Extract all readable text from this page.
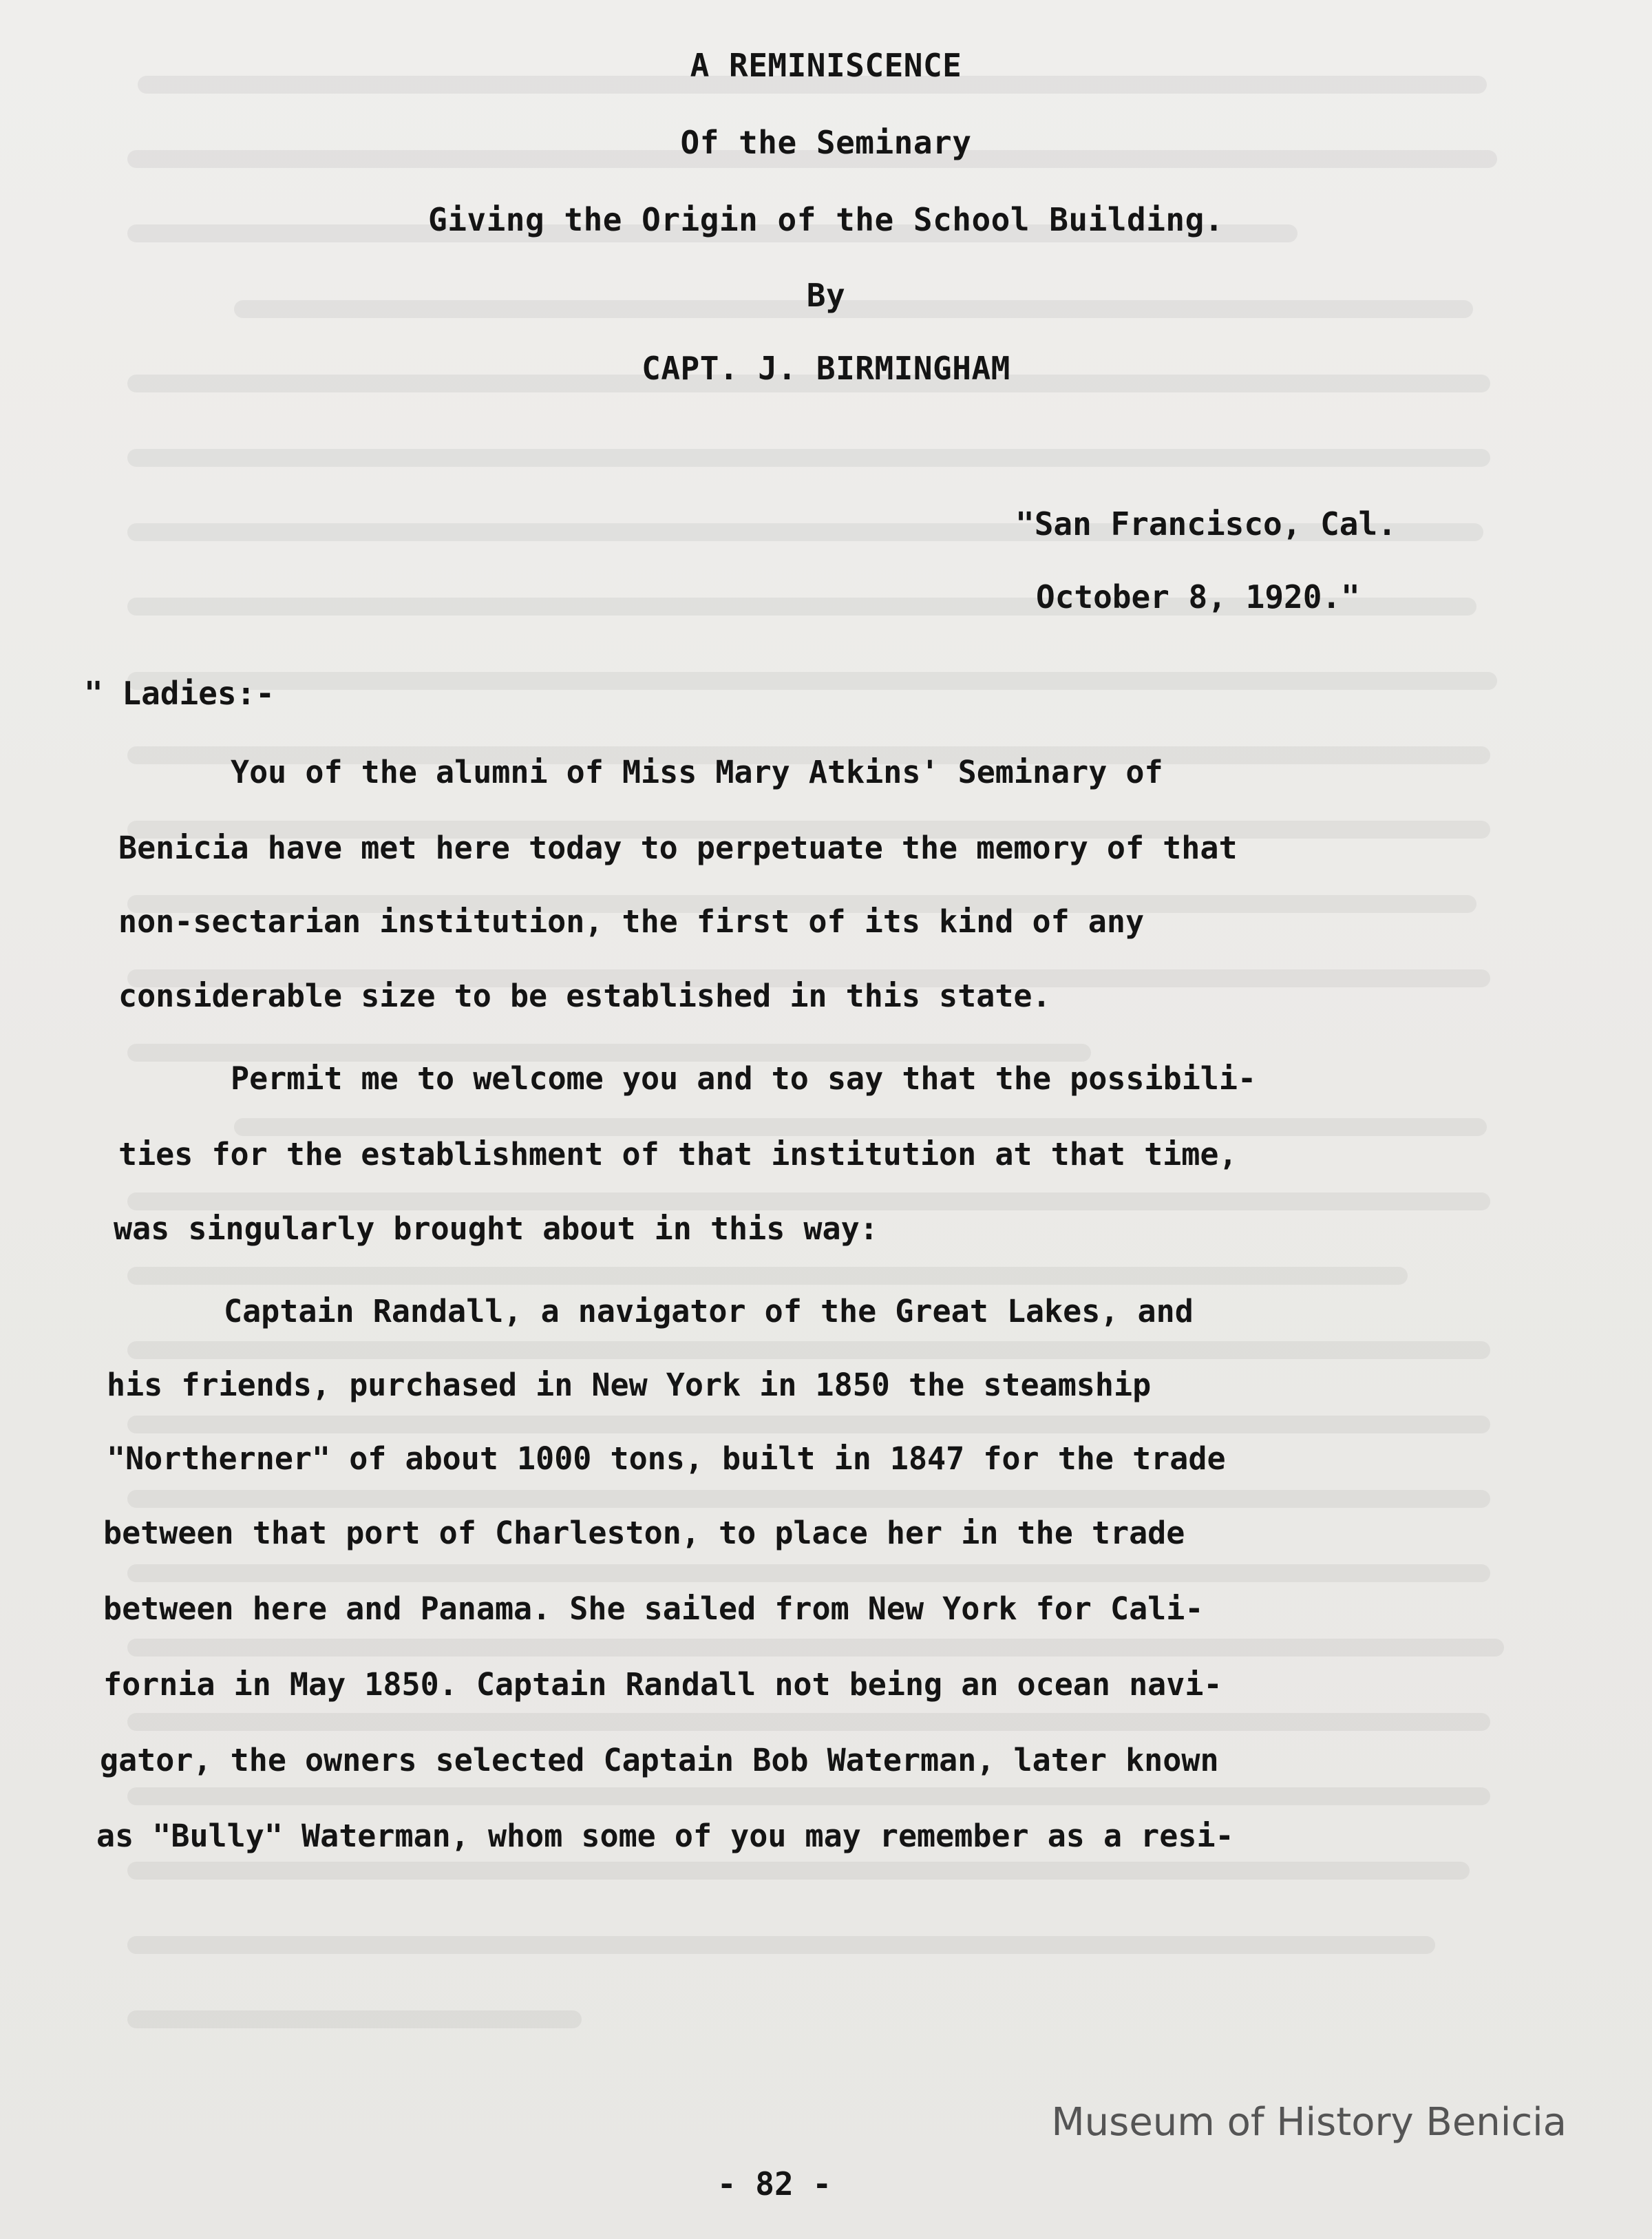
A REMINISCENCE
Of the Seminary
Giving the Origin of the School Building.
By
CAPT. J. BIRMINGHAM
"San Francisco, Cal.
October 8, 1920."
" Ladies:-
You of the alumni of Miss Mary Atkins' Seminary of
Benicia have met here today to perpetuate the memory of that
non-sectarian institution, the first of its kind of any
considerable size to be established in this state.
Permit me to welcome you and to say that the possibili-
ties for the establishment of that institution at that time,
was singularly brought about in this way:
Captain Randall, a navigator of the Great Lakes, and
his friends, purchased in New York in 1850 the steamship
"Northerner" of about 1000 tons, built in 1847 for the trade
between that port of Charleston, to place her in the trade
between here and Panama. She sailed from New York for Cali-
fornia in May 1850. Captain Randall not being an ocean navi-
gator, the owners selected Captain Bob Waterman, later known
as "Bully" Waterman, whom some of you may remember as a resi-
Museum of History Benicia
- 82 -
